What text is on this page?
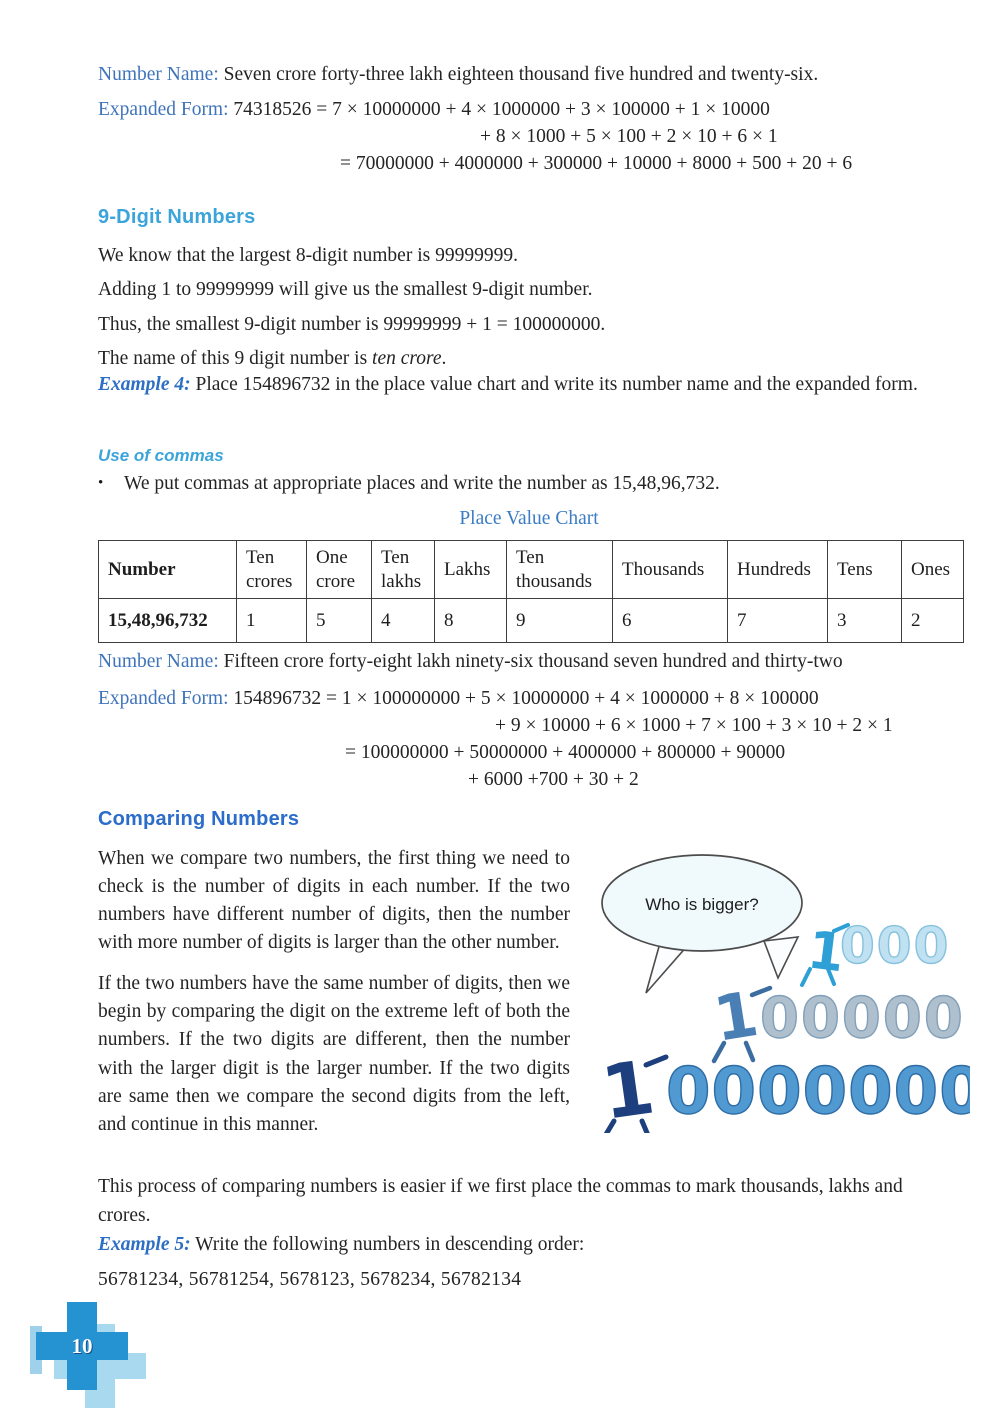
Number Name: Seven crore forty-three lakh eighteen thousand five hundred and twenty-six.

Expanded Form: 74318526 = 7 × 10000000 + 4 × 1000000 + 3 × 100000 + 1 × 10000
+ 8 × 1000 + 5 × 100 + 2 × 10 + 6 × 1
= 70000000 + 4000000 + 300000 + 10000 + 8000 + 500 + 20 + 6
9-Digit Numbers

We know that the largest 8-digit number is 99999999.

Adding 1 to 99999999 will give us the smallest 9-digit number.

Thus, the smallest 9-digit number is 99999999 + 1 = 100000000.

The name of this 9 digit number is ten crore.

Example 4: Place 154896732 in the place value chart and write its number name and the expanded form.

Use of commas

• We put commas at appropriate places and write the number as 15,48,96,732.

Place Value Chart

Number	Ten crores	One crore	Ten lakhs	Lakhs	Ten thousands	Thousands	Hundreds	Tens	Ones
15,48,96,732	1	5	4	8	9	6	7	3	2

Number Name: Fifteen crore forty-eight lakh ninety-six thousand seven hundred and thirty-two

Expanded Form: 154896732 = 1 × 100000000 + 5 × 10000000 + 4 × 1000000 + 8 × 100000
+ 9 × 10000 + 6 × 1000 + 7 × 100 + 3 × 10 + 2 × 1
= 100000000 + 50000000 + 4000000 + 800000 + 90000
+ 6000 +700 + 30 + 2
Comparing Numbers

When we compare two numbers, the first thing we need to check is the number of digits in each number. If the two numbers have different number of digits, then the number with more number of digits is larger than the other number.

If the two numbers have the same number of digits, then we begin by comparing the digit on the extreme left of both the numbers. If the two digits are different, then the number with the larger digit is the larger number. If the two digits are same then we compare the second digits from the left, and continue in this manner.

Who is bigger?
1
000
1
00000
1 0000000

This process of comparing numbers is easier if we first place the commas to mark thousands, lakhs and crores.

Example 5: Write the following numbers in descending order:

56781234, 56781254, 5678123, 5678234, 56782134

10
